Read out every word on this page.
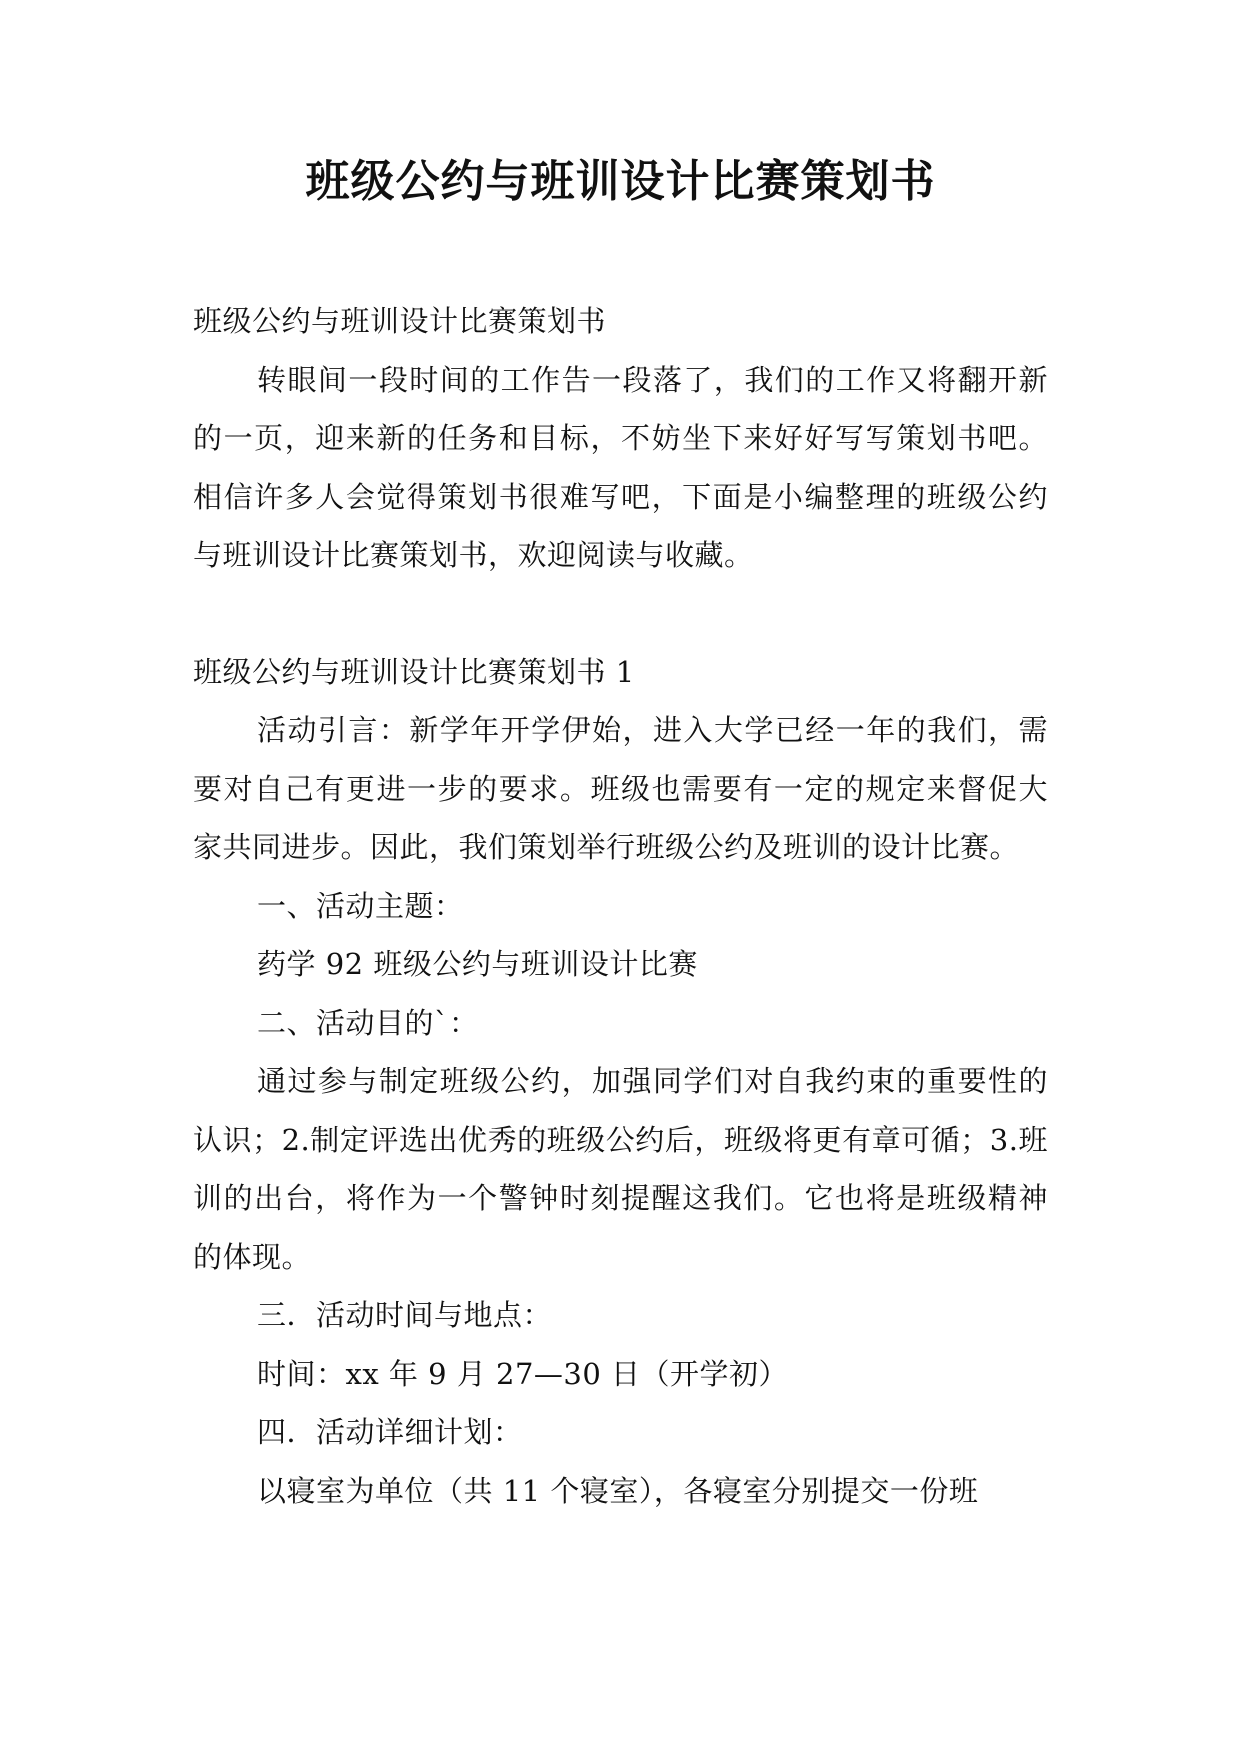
班级公约与班训设计比赛策划书

班级公约与班训设计比赛策划书

转眼间一段时间的工作告一段落了，我们的工作又将翻开新的一页，迎来新的任务和目标，不妨坐下来好好写写策划书吧。相信许多人会觉得策划书很难写吧，下面是小编整理的班级公约与班训设计比赛策划书，欢迎阅读与收藏。

班级公约与班训设计比赛策划书 1

活动引言：新学年开学伊始，进入大学已经一年的我们，需要对自己有更进一步的要求。班级也需要有一定的规定来督促大家共同进步。因此，我们策划举行班级公约及班训的设计比赛。

一、活动主题：

药学 92 班级公约与班训设计比赛

二、活动目的`：

通过参与制定班级公约，加强同学们对自我约束的重要性的认识；2.制定评选出优秀的班级公约后，班级将更有章可循；3.班训的出台，将作为一个警钟时刻提醒这我们。它也将是班级精神的体现。

三．活动时间与地点：

时间：xx 年 9 月 27—30 日（开学初）

四．活动详细计划：

以寝室为单位（共 11 个寝室），各寝室分别提交一份班
